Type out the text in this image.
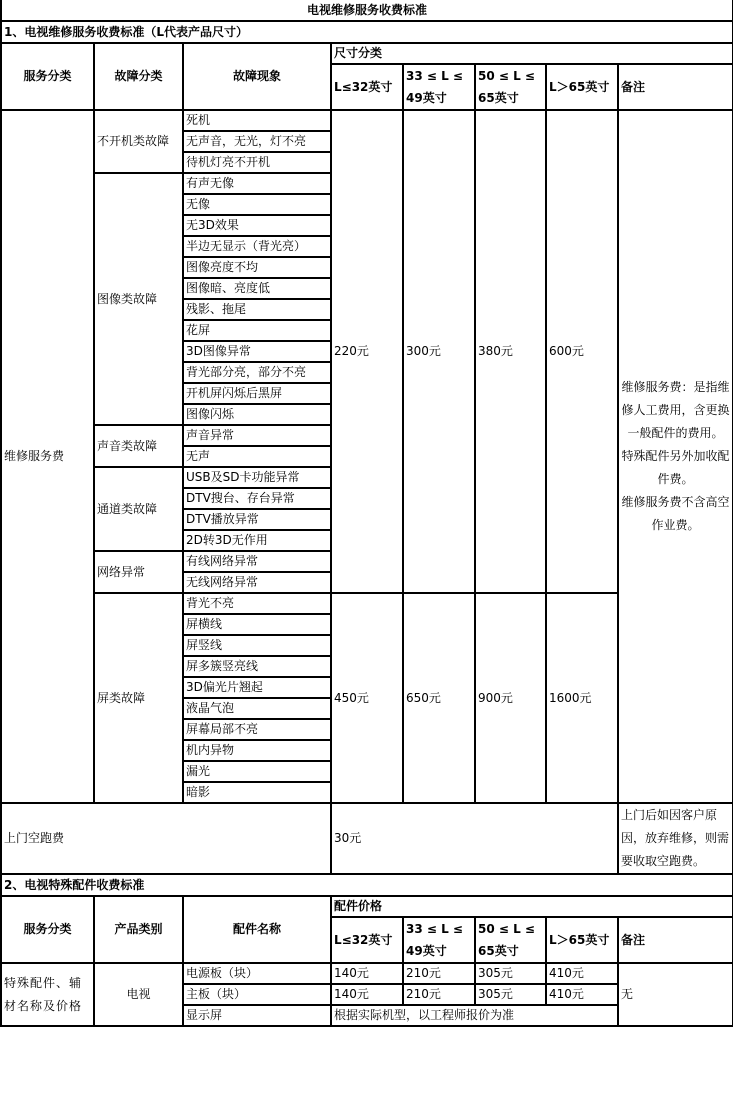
电视维修服务收费标准							
1、电视维修服务收费标准（L代表产品尺寸）							
服务分类	故障分类	故障现象	尺寸分类				
			L≤32英寸	33 ≤ L ≤ 49英寸	50 ≤ L ≤ 65英寸	L＞65英寸	备注
维修服务费	不开机类故障	死机	220元	300元	380元	600元	维修服务费：是指维修人工费用，含更换一般配件的费用。
特殊配件另外加收配件费。
维修服务费不含高空作业费。

		无声音，无光，灯不亮					
		待机灯亮不开机					
	图像类故障	有声无像					
		无像					
		无3D效果					
		半边无显示（背光亮）					
		图像亮度不均					
		图像暗、亮度低					
		残影、拖尾					
		花屏					
		3D图像异常					
		背光部分亮，部分不亮					
		开机屏闪烁后黑屏					
		图像闪烁					
	声音类故障	声音异常					
		无声					
	通道类故障	USB及SD卡功能异常					
		DTV搜台、存台异常					
		DTV播放异常					
		2D转3D无作用					
	网络异常	有线网络异常					
		无线网络异常					
	屏类故障	背光不亮	450元	650元	900元	1600元	
		屏横线					
		屏竖线					
		屏多簇竖亮线					
		3D偏光片翘起					
		液晶气泡					
		屏幕局部不亮					
		机内异物					
		漏光					
		暗影					
上门空跑费			30元				上门后如因客户原因，放弃维修，则需要收取空跑费。
2、电视特殊配件收费标准							
服务分类	产品类别	配件名称	配件价格				
			L≤32英寸	33 ≤ L ≤ 49英寸	50 ≤ L ≤ 65英寸	L＞65英寸	备注
特殊配件、辅材名称及价格	电视	电源板（块）	140元	210元	305元	410元	无
		主板（块）	140元	210元	305元	410元	
		显示屏	根据实际机型，以工程师报价为准				
